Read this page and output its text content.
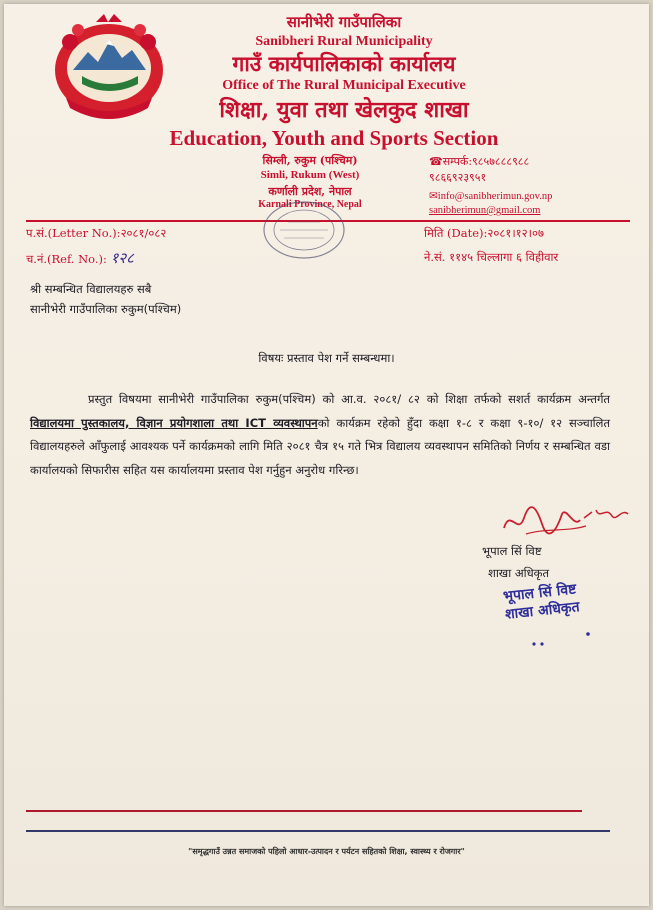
सानीभेरी गाउँपालिका
Sanibheri Rural Municipality
गाउँ कार्यपालिकाको कार्यालय
Office of The Rural Municipal Executive
शिक्षा, युवा तथा खेलकुद शाखा
Education, Youth and Sports Section
सिम्ली, रुकुम (पश्चिम)
Simli, Rukum (West)
कर्णाली प्रदेश, नेपाल
Karnali Province, Nepal
☎सम्पर्क:९८५७८८८९८८
९८६६९२३९५१
✉info@sanibherimun.gov.np
sanibherimun@gmail.com
प.सं.(Letter No.):२०८१/०८२
च.नं.(Ref. No.): १२८
मिति (Date):२०८१।१२।०७
ने.सं. ११४५ चिल्लागा ६ विहीवार
श्री सम्बन्धित विद्यालयहरु सबै
सानीभेरी गाउँपालिका रुकुम(पश्चिम)
विषयः प्रस्ताव पेश गर्ने सम्बन्धमा।
प्रस्तुत विषयमा सानीभेरी गाउँपालिका रुकुम(पश्चिम) को आ.व. २०८१/ ८२ को शिक्षा तर्फको सशर्त कार्यक्रम अन्तर्गत विद्यालयमा पुस्तकालय, विज्ञान प्रयोगशाला तथा ICT व्यवस्थापनको कार्यक्रम रहेको हुँदा कक्षा १-८ र कक्षा ९-१०/ १२ सञ्चालित विद्यालयहरुले आँफुलाई आवश्यक पर्ने कार्यक्रमको लागि मिति २०८१ चैत्र १५ गते भित्र विद्यालय व्यवस्थापन समितिको निर्णय र सम्बन्धित वडा कार्यालयको सिफारीस सहित यस कार्यालयमा प्रस्ताव पेश गर्नुहुन अनुरोध गरिन्छ।
भूपाल सिं विष्ट
शाखा अधिकृत
भूपाल सिं विष्ट
शाखा अधिकृत
"समृद्धगाउँ उन्नत समाजको पहिलो आधार-उत्पादन र पर्यटन सहितको शिक्षा, स्वास्थ्य र रोजगार"
